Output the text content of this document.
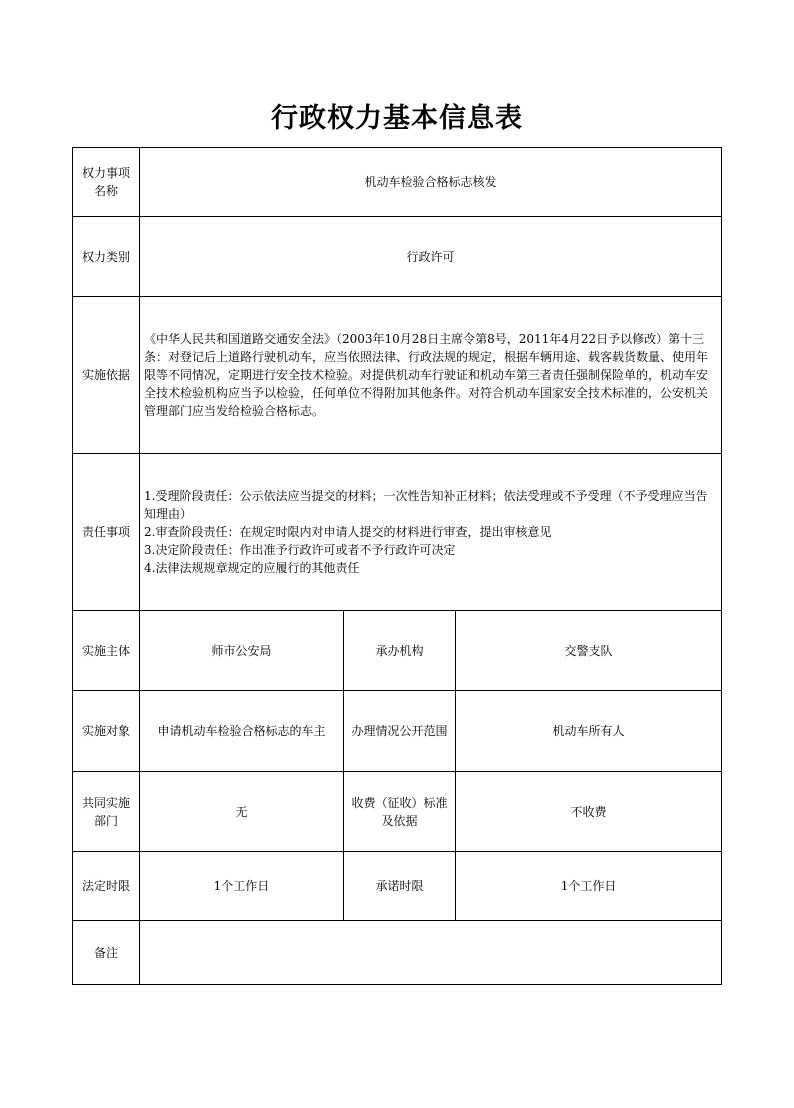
行政权力基本信息表
权力事项名称	机动车检验合格标志核发		
权力类别	行政许可		
实施依据	《中华人民共和国道路交通安全法》（2003年10月28日主席令第8号，2011年4月22日予以修改）第十三条：对登记后上道路行驶机动车，应当依照法律、行政法规的规定，根据车辆用途、载客载货数量、使用年限等不同情况，定期进行安全技术检验。对提供机动车行驶证和机动车第三者责任强制保险单的，机动车安全技术检验机构应当予以检验，任何单位不得附加其他条件。对符合机动车国家安全技术标准的，公安机关管理部门应当发给检验合格标志。		
责任事项	1.受理阶段责任：公示依法应当提交的材料；一次性告知补正材料；依法受理或不予受理（不予受理应当告知理由）
2.审查阶段责任：在规定时限内对申请人提交的材料进行审查，提出审核意见
3.决定阶段责任：作出准予行政许可或者不予行政许可决定
4.法律法规规章规定的应履行的其他责任		

实施主体	师市公安局	承办机构	交警支队
实施对象	申请机动车检验合格标志的车主	办理情况公开范围	机动车所有人
共同实施部门	无	收费（征收）标准及依据	不收费
法定时限	1个工作日	承诺时限	1个工作日
备注			
